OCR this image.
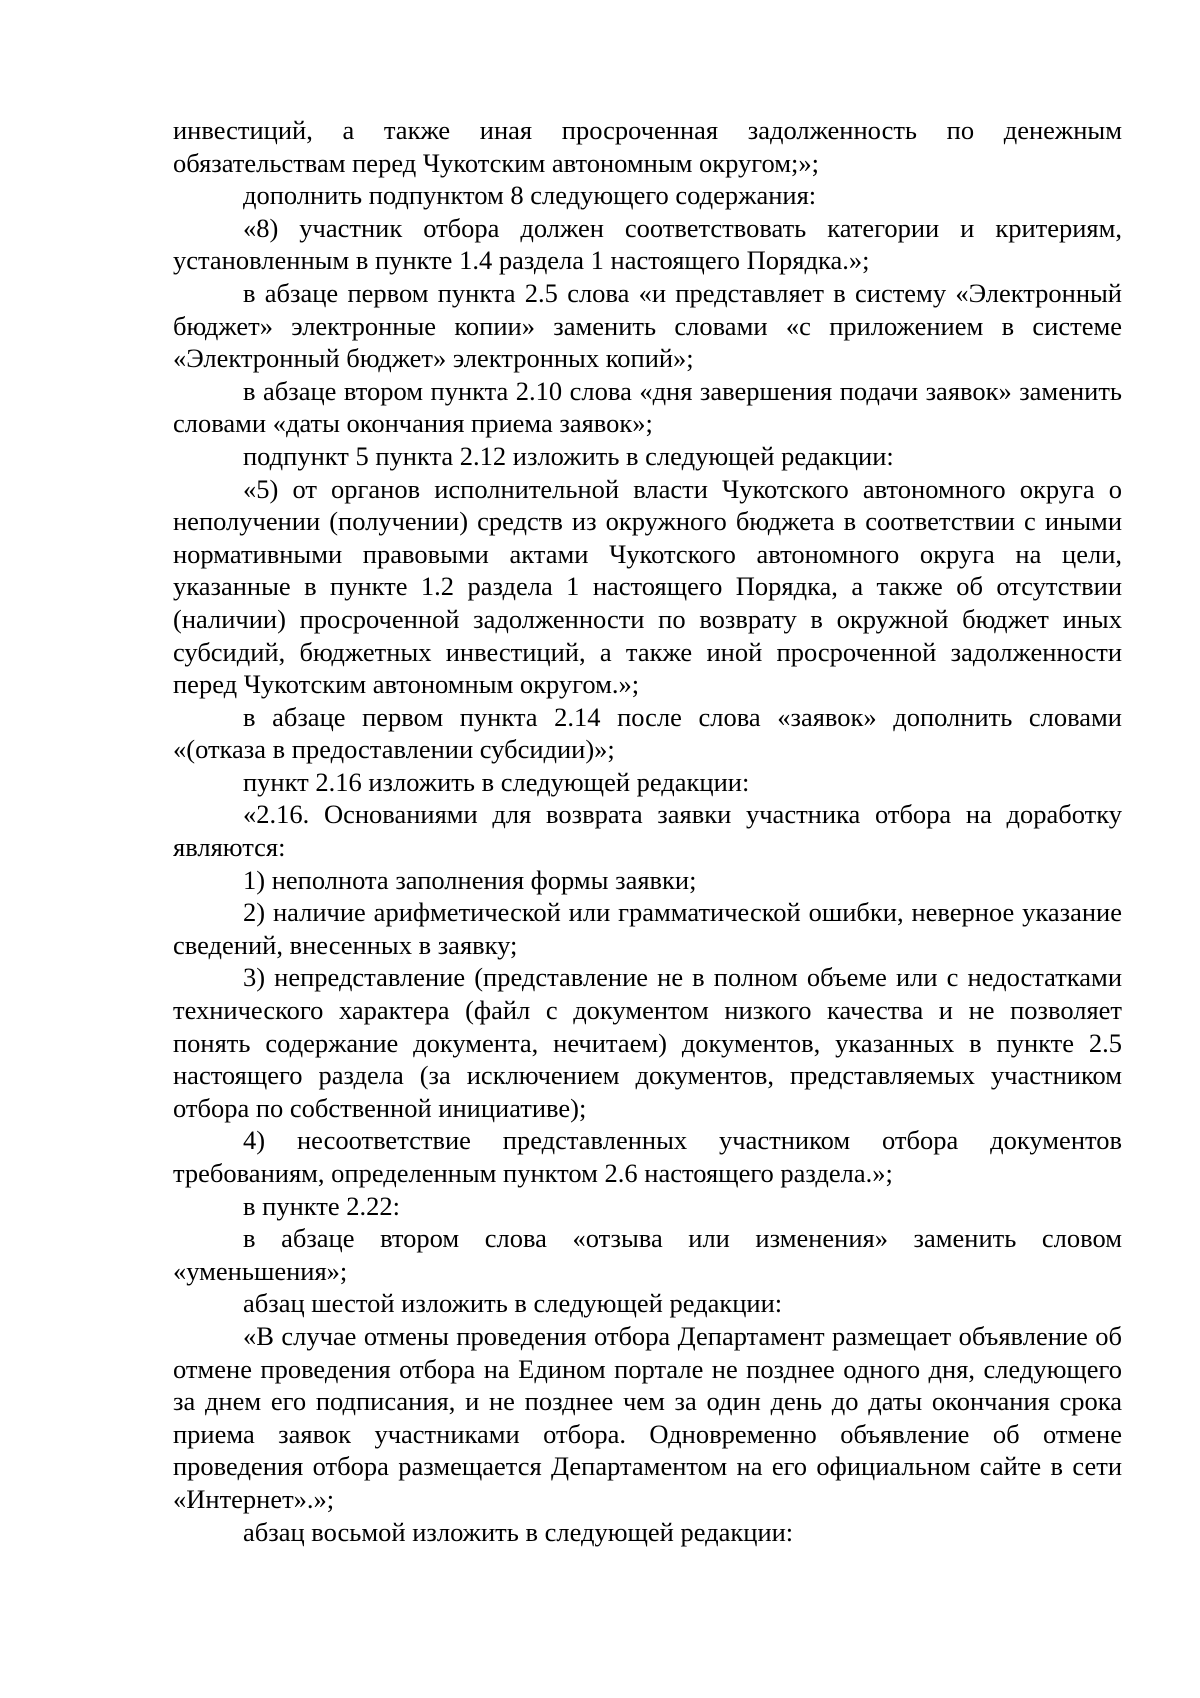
инвестиций, а также иная просроченная задолженность по денежным обязательствам перед Чукотским автономным округом;»;

дополнить подпунктом 8 следующего содержания:

«8) участник отбора должен соответствовать категории и критериям, установленным в пункте 1.4 раздела 1 настоящего Порядка.»;

в абзаце первом пункта 2.5 слова «и представляет в систему «Электронный бюджет» электронные копии» заменить словами «с приложением в системе «Электронный бюджет» электронных копий»;

в абзаце втором пункта 2.10 слова «дня завершения подачи заявок» заменить словами «даты окончания приема заявок»;

подпункт 5 пункта 2.12 изложить в следующей редакции:

«5) от органов исполнительной власти Чукотского автономного округа о неполучении (получении) средств из окружного бюджета в соответствии с иными нормативными правовыми актами Чукотского автономного округа на цели, указанные в пункте 1.2 раздела 1 настоящего Порядка, а также об отсутствии (наличии) просроченной задолженности по возврату в окружной бюджет иных субсидий, бюджетных инвестиций, а также иной просроченной задолженности перед Чукотским автономным округом.»;

в абзаце первом пункта 2.14 после слова «заявок» дополнить словами «(отказа в предоставлении субсидии)»;

пункт 2.16 изложить в следующей редакции:

«2.16. Основаниями для возврата заявки участника отбора на доработку являются:

1) неполнота заполнения формы заявки;

2) наличие арифметической или грамматической ошибки, неверное указание сведений, внесенных в заявку;

3) непредставление (представление не в полном объеме или с недостатками технического характера (файл с документом низкого качества и не позволяет понять содержание документа, нечитаем) документов, указанных в пункте 2.5 настоящего раздела (за исключением документов, представляемых участником отбора по собственной инициативе);

4) несоответствие представленных участником отбора документов требованиям, определенным пунктом 2.6 настоящего раздела.»;

в пункте 2.22:

в абзаце втором слова «отзыва или изменения» заменить словом «уменьшения»;

абзац шестой изложить в следующей редакции:

«В случае отмены проведения отбора Департамент размещает объявление об отмене проведения отбора на Едином портале не позднее одного дня, следующего за днем его подписания, и не позднее чем за один день до даты окончания срока приема заявок участниками отбора. Одновременно объявление об отмене проведения отбора размещается Департаментом на его официальном сайте в сети «Интернет».»;

абзац восьмой изложить в следующей редакции:
